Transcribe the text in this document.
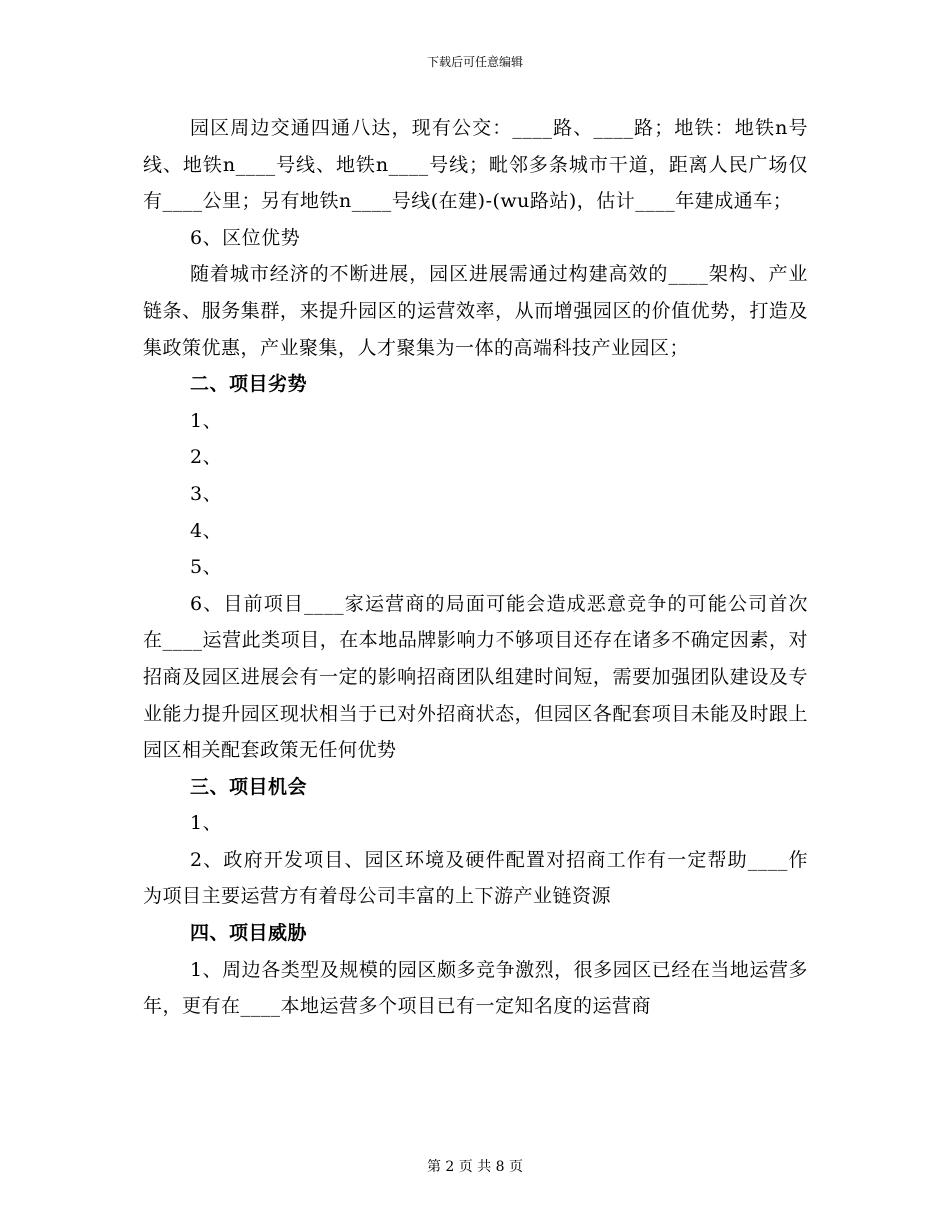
下载后可任意编辑

园区周边交通四通八达，现有公交：____路、____路；地铁：地铁n号线、地铁n____号线、地铁n____号线；毗邻多条城市干道，距离人民广场仅有____公里；另有地铁n____号线(在建)-(wu路站)，估计____年建成通车；

6、区位优势

随着城市经济的不断进展，园区进展需通过构建高效的____架构、产业链条、服务集群，来提升园区的运营效率，从而增强园区的价值优势，打造及集政策优惠，产业聚集，人才聚集为一体的高端科技产业园区；

二、项目劣势

1、

2、

3、

4、

5、

6、目前项目____家运营商的局面可能会造成恶意竞争的可能公司首次在____运营此类项目，在本地品牌影响力不够项目还存在诸多不确定因素，对招商及园区进展会有一定的影响招商团队组建时间短，需要加强团队建设及专业能力提升园区现状相当于已对外招商状态，但园区各配套项目未能及时跟上园区相关配套政策无任何优势

三、项目机会

1、

2、政府开发项目、园区环境及硬件配置对招商工作有一定帮助____作为项目主要运营方有着母公司丰富的上下游产业链资源

四、项目威胁

1、周边各类型及规模的园区颇多竞争激烈，很多园区已经在当地运营多年，更有在____本地运营多个项目已有一定知名度的运营商

第 2 页 共 8 页
